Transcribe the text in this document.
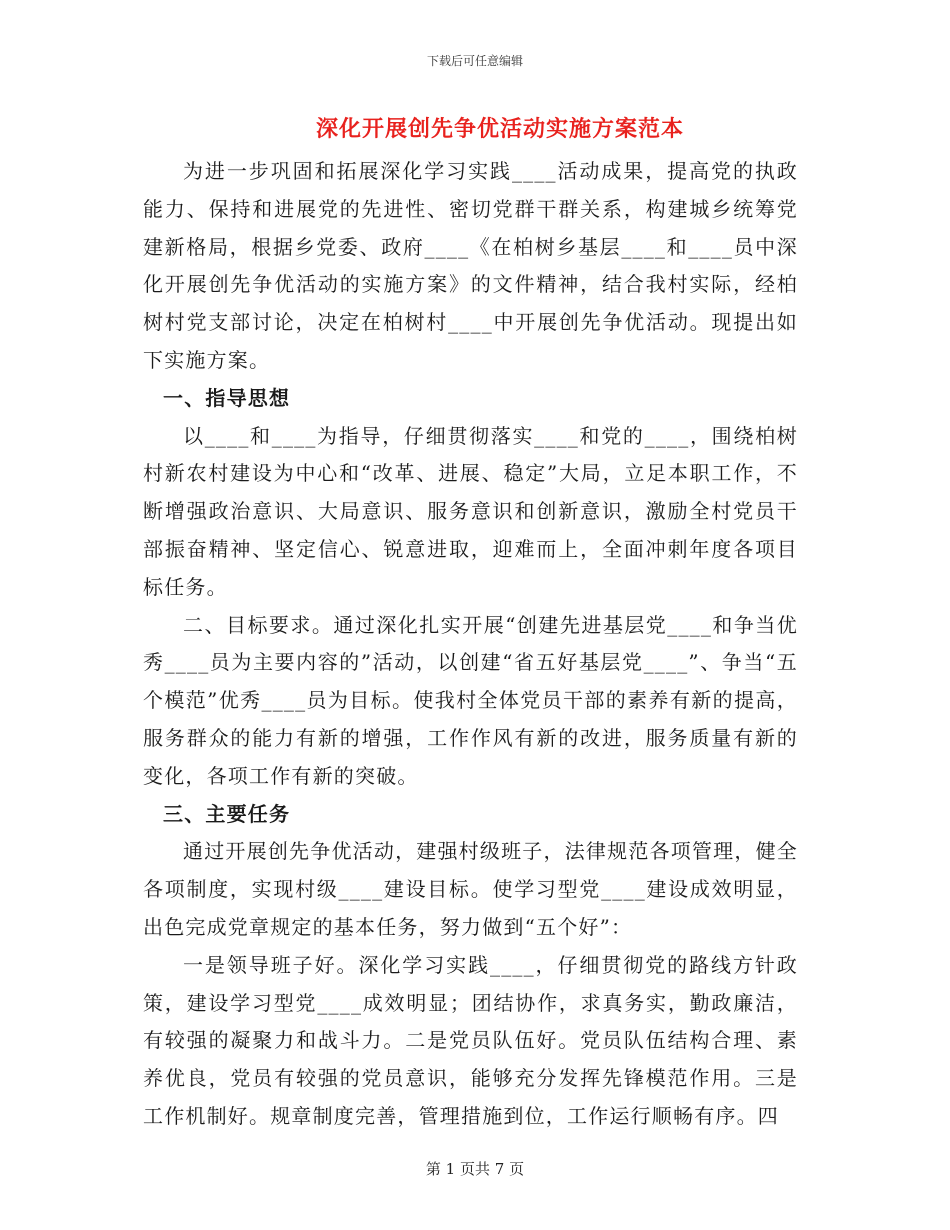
下载后可任意编辑
深化开展创先争优活动实施方案范本

为进一步巩固和拓展深化学习实践____活动成果，提高党的执政能力、保持和进展党的先进性、密切党群干群关系，构建城乡统筹党建新格局，根据乡党委、政府____《在柏树乡基层____和____员中深化开展创先争优活动的实施方案》的文件精神，结合我村实际，经柏树村党支部讨论，决定在柏树村____中开展创先争优活动。现提出如下实施方案。

一、指导思想

以____和____为指导，仔细贯彻落实____和党的____，围绕柏树村新农村建设为中心和“改革、进展、稳定”大局，立足本职工作，不断增强政治意识、大局意识、服务意识和创新意识，激励全村党员干部振奋精神、坚定信心、锐意进取，迎难而上，全面冲刺年度各项目标任务。

二、目标要求。通过深化扎实开展“创建先进基层党____和争当优秀____员为主要内容的”活动，以创建“省五好基层党____”、争当“五个模范”优秀____员为目标。使我村全体党员干部的素养有新的提高，服务群众的能力有新的增强，工作作风有新的改进，服务质量有新的变化，各项工作有新的突破。

三、主要任务

通过开展创先争优活动，建强村级班子，法律规范各项管理，健全各项制度，实现村级____建设目标。使学习型党____建设成效明显，出色完成党章规定的基本任务，努力做到“五个好”：

一是领导班子好。深化学习实践____，仔细贯彻党的路线方针政策，建设学习型党____成效明显；团结协作，求真务实，勤政廉洁，有较强的凝聚力和战斗力。二是党员队伍好。党员队伍结构合理、素养优良，党员有较强的党员意识，能够充分发挥先锋模范作用。三是工作机制好。规章制度完善，管理措施到位，工作运行顺畅有序。四

第 1 页共 7 页
